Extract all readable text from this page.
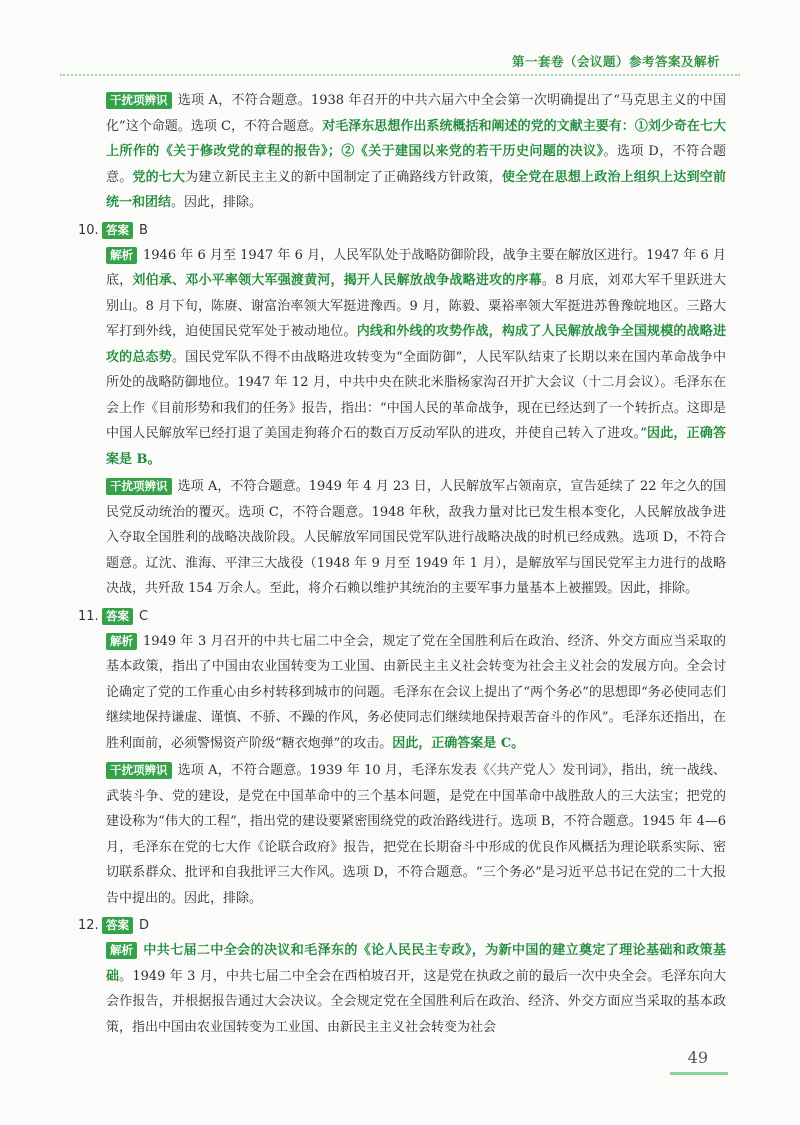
第一套卷（会议题）参考答案及解析

干扰项辨识 选项 A，不符合题意。1938 年召开的中共六届六中全会第一次明确提出了“马克思主义的中国化”这个命题。选项 C，不符合题意。对毛泽东思想作出系统概括和阐述的党的文献主要有：①刘少奇在七大上所作的《关于修改党的章程的报告》；②《关于建国以来党的若干历史问题的决议》。选项 D，不符合题意。党的七大为建立新民主主义的新中国制定了正确路线方针政策，使全党在思想上政治上组织上达到空前统一和团结。因此，排除。

10. 答案 B

解析 1946 年 6 月至 1947 年 6 月，人民军队处于战略防御阶段，战争主要在解放区进行。1947 年 6 月底，刘伯承、邓小平率领大军强渡黄河，揭开人民解放战争战略进攻的序幕。8 月底，刘邓大军千里跃进大别山。8 月下旬，陈赓、谢富治率领大军挺进豫西。9 月，陈毅、粟裕率领大军挺进苏鲁豫皖地区。三路大军打到外线，迫使国民党军处于被动地位。内线和外线的攻势作战，构成了人民解放战争全国规模的战略进攻的总态势。国民党军队不得不由战略进攻转变为“全面防御”，人民军队结束了长期以来在国内革命战争中所处的战略防御地位。1947 年 12 月，中共中央在陕北米脂杨家沟召开扩大会议（十二月会议）。毛泽东在会上作《目前形势和我们的任务》报告，指出：“中国人民的革命战争，现在已经达到了一个转折点。这即是中国人民解放军已经打退了美国走狗蒋介石的数百万反动军队的进攻，并使自己转入了进攻。”因此，正确答案是 B。

干扰项辨识 选项 A，不符合题意。1949 年 4 月 23 日，人民解放军占领南京，宣告延续了 22 年之久的国民党反动统治的覆灭。选项 C，不符合题意。1948 年秋，敌我力量对比已发生根本变化，人民解放战争进入夺取全国胜利的战略决战阶段。人民解放军同国民党军队进行战略决战的时机已经成熟。选项 D，不符合题意。辽沈、淮海、平津三大战役（1948 年 9 月至 1949 年 1 月），是解放军与国民党军主力进行的战略决战，共歼敌 154 万余人。至此，将介石赖以维护其统治的主要军事力量基本上被摧毁。因此，排除。

11. 答案 C

解析 1949 年 3 月召开的中共七届二中全会，规定了党在全国胜利后在政治、经济、外交方面应当采取的基本政策，指出了中国由农业国转变为工业国、由新民主主义社会转变为社会主义社会的发展方向。全会讨论确定了党的工作重心由乡村转移到城市的问题。毛泽东在会议上提出了“两个务必”的思想即“务必使同志们继续地保持谦虚、谨慎、不骄、不躁的作风，务必使同志们继续地保持艰苦奋斗的作风”。毛泽东还指出，在胜利面前，必须警惕资产阶级“糖衣炮弹”的攻击。因此，正确答案是 C。

干扰项辨识 选项 A，不符合题意。1939 年 10 月，毛泽东发表《〈共产党人〉发刊词》，指出，统一战线、武装斗争、党的建设，是党在中国革命中的三个基本问题，是党在中国革命中战胜敌人的三大法宝；把党的建设称为“伟大的工程”，指出党的建设要紧密围绕党的政治路线进行。选项 B，不符合题意。1945 年 4—6 月，毛泽东在党的七大作《论联合政府》报告，把党在长期奋斗中形成的优良作风概括为理论联系实际、密切联系群众、批评和自我批评三大作风。选项 D，不符合题意。“三个务必”是习近平总书记在党的二十大报告中提出的。因此，排除。

12. 答案 D

解析 中共七届二中全会的决议和毛泽东的《论人民民主专政》，为新中国的建立奠定了理论基础和政策基础。1949 年 3 月，中共七届二中全会在西柏坡召开，这是党在执政之前的最后一次中央全会。毛泽东向大会作报告，并根据报告通过大会决议。全会规定党在全国胜利后在政治、经济、外交方面应当采取的基本政策，指出中国由农业国转变为工业国、由新民主主义社会转变为社会

49
